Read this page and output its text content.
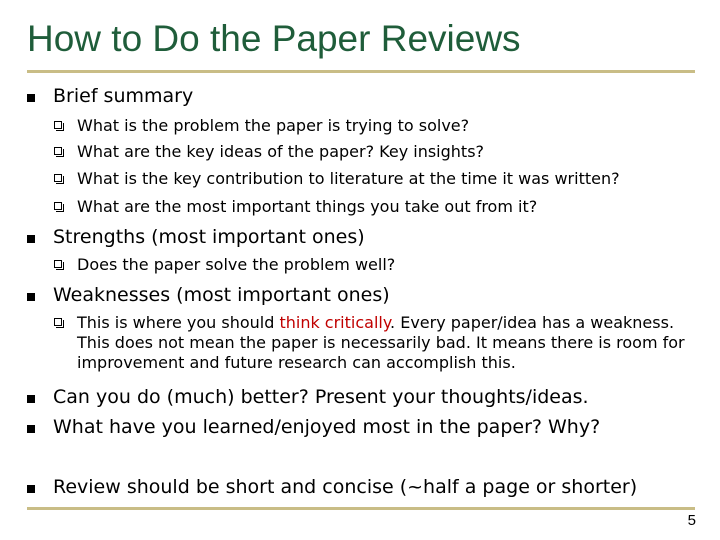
How to Do the Paper Reviews
Brief summary
What is the problem the paper is trying to solve?
What are the key ideas of the paper? Key insights?
What is the key contribution to literature at the time it was written?
What are the most important things you take out from it?
Strengths (most important ones)
Does the paper solve the problem well?
Weaknesses (most important ones)
This is where you should think critically. Every paper/idea has a weakness. This does not mean the paper is necessarily bad. It means there is room for improvement and future research can accomplish this.
Can you do (much) better? Present your thoughts/ideas.
What have you learned/enjoyed most in the paper? Why?
Review should be short and concise (~half a page or shorter)
5
